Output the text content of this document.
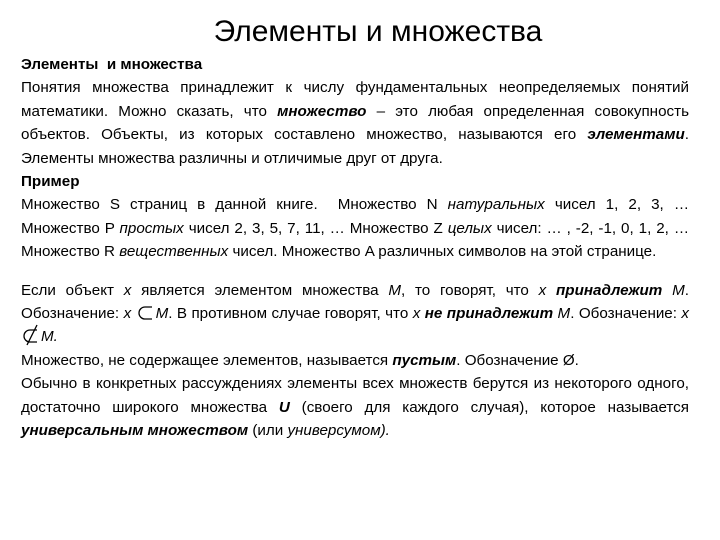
Элементы и множества
Элементы  и множества

Понятия множества принадлежит к числу фундаментальных неопределяемых понятий математики. Можно сказать, что множество – это любая определенная совокупность объектов. Объекты, из которых составлено множество, называются его элементами. Элементы множества различны и отличимые друг от друга.

Пример

Множество S страниц в данной книге.  Множество N натуральных чисел 1, 2, 3, … Множество P простых чисел 2, 3, 5, 7, 11, … Множество Z целых чисел: … , -2, -1, 0, 1, 2, … Множество R вещественных чисел. Множество A различных символов на этой странице.

Если объект x является элементом множества M, то говорят, что x принадлежит M. Обозначение: x M. В противном случае говорят, что x не принадлежит M. Обозначение: x
M.

Множество, не содержащее элементов, называется пустым. Обозначение Ø.

Обычно в конкретных рассуждениях элементы всех множеств берутся из некоторого одного, достаточно широкого множества U (своего для каждого случая), которое называется универсальным множеством (или универсумом).
